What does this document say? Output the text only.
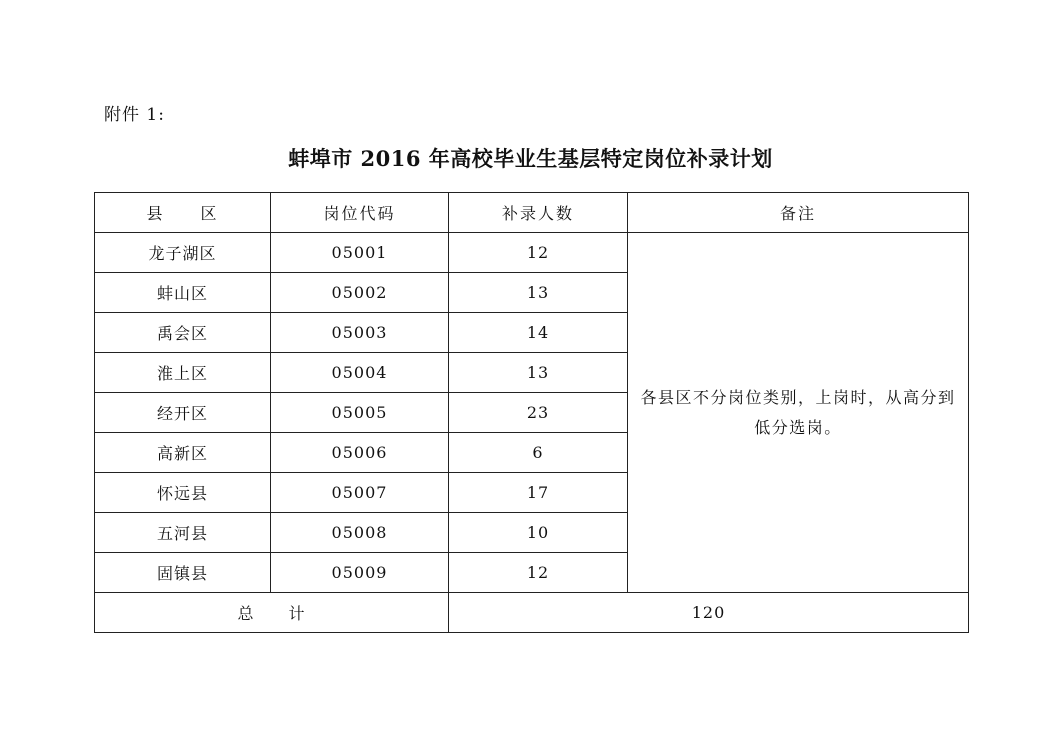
附件 1:
蚌埠市 2016 年高校毕业生基层特定岗位补录计划
县　　区	岗位代码	补录人数	备注
龙子湖区	05001	12	各县区不分岗位类别，上岗时，从高分到低分选岗。
蚌山区	05002	13	
禹会区	05003	14	
淮上区	05004	13	
经开区	05005	23	
高新区	05006	6	
怀远县	05007	17	
五河县	05008	10	
固镇县	05009	12	
总　　计		120	
